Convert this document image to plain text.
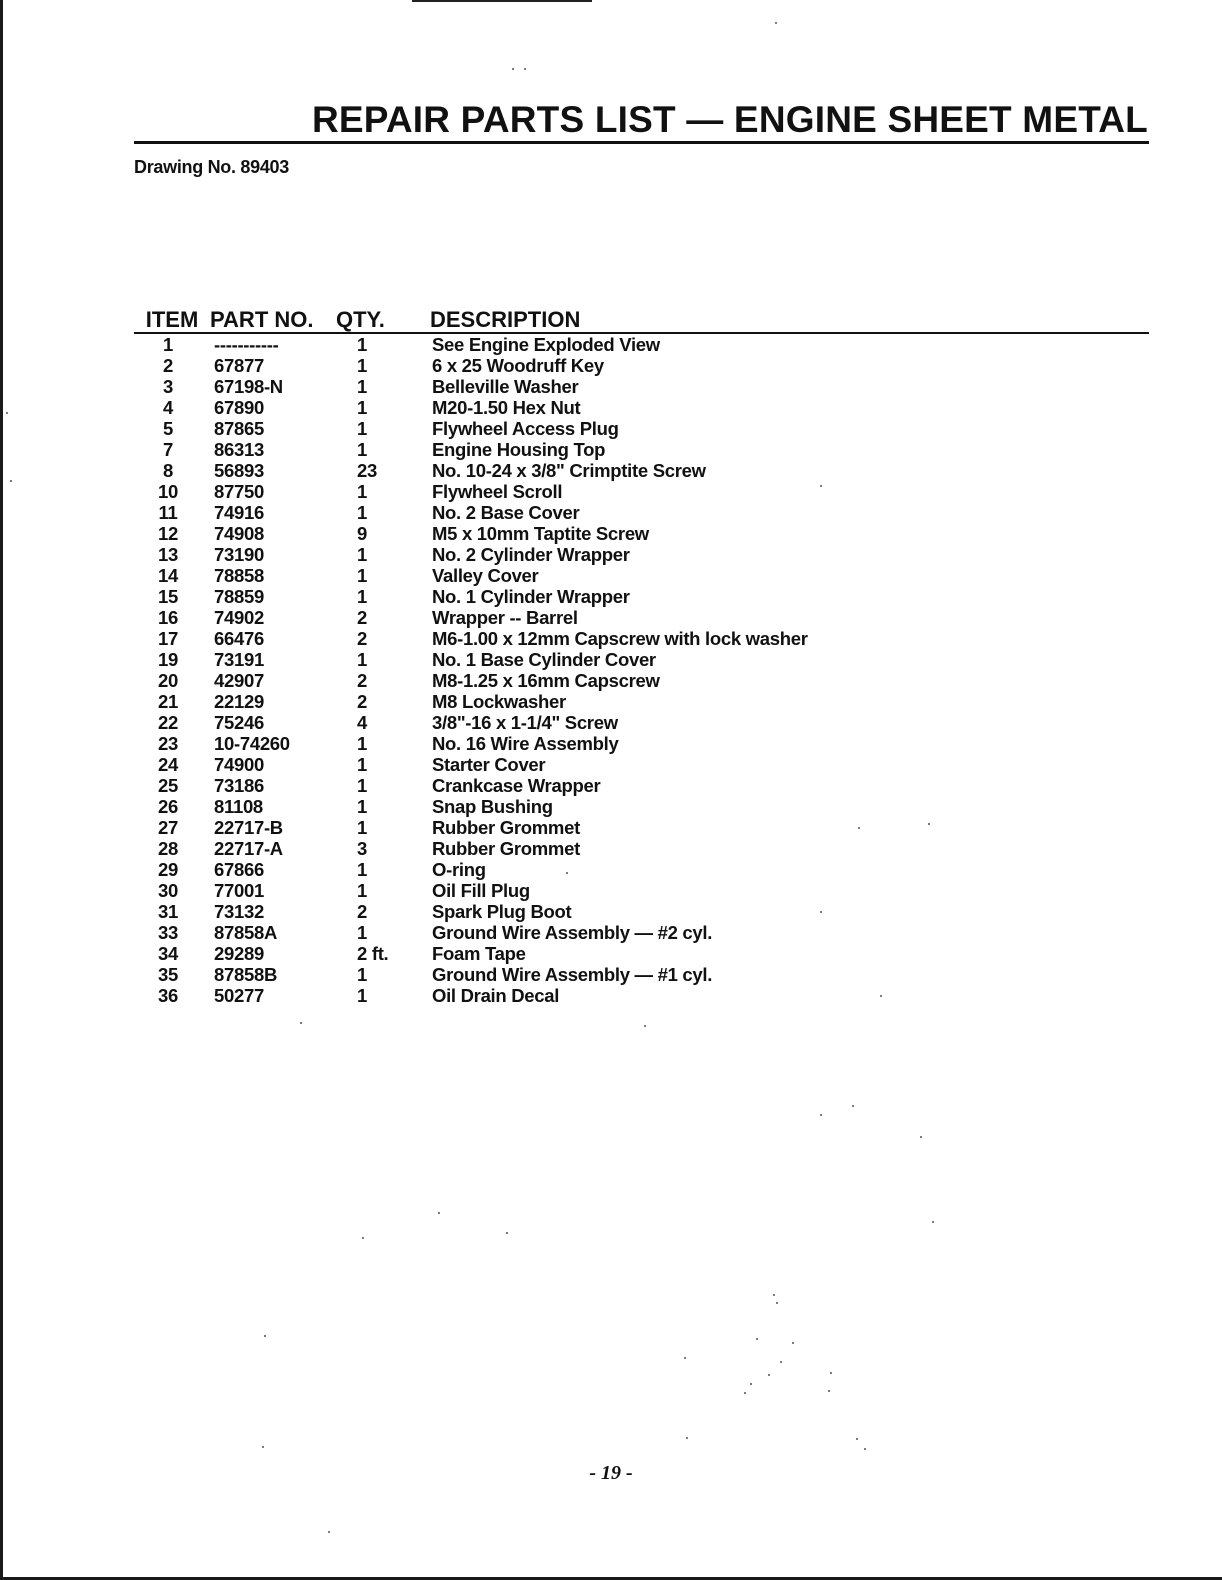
REPAIR PARTS LIST — ENGINE SHEET METAL
Drawing No. 89403
ITEM	PART NO.	QTY.	DESCRIPTION
1	-----------	1	See Engine Exploded View
2	67877	1	6 x 25 Woodruff Key
3	67198-N	1	Belleville Washer
4	67890	1	M20-1.50 Hex Nut
5	87865	1	Flywheel Access Plug
7	86313	1	Engine Housing Top
8	56893	23	No. 10-24 x 3/8" Crimptite Screw
10	87750	1	Flywheel Scroll
11	74916	1	No. 2 Base Cover
12	74908	9	M5 x 10mm Taptite Screw
13	73190	1	No. 2 Cylinder Wrapper
14	78858	1	Valley Cover
15	78859	1	No. 1 Cylinder Wrapper
16	74902	2	Wrapper -- Barrel
17	66476	2	M6-1.00 x 12mm Capscrew with lock washer
19	73191	1	No. 1 Base Cylinder Cover
20	42907	2	M8-1.25 x 16mm Capscrew
21	22129	2	M8 Lockwasher
22	75246	4	3/8"-16 x 1-1/4" Screw
23	10-74260	1	No. 16 Wire Assembly
24	74900	1	Starter Cover
25	73186	1	Crankcase Wrapper
26	81108	1	Snap Bushing
27	22717-B	1	Rubber Grommet
28	22717-A	3	Rubber Grommet
29	67866	1	O-ring
30	77001	1	Oil Fill Plug
31	73132	2	Spark Plug Boot
33	87858A	1	Ground Wire Assembly — #2 cyl.
34	29289	2 ft.	Foam Tape
35	87858B	1	Ground Wire Assembly — #1 cyl.
36	50277	1	Oil Drain Decal
- 19 -
